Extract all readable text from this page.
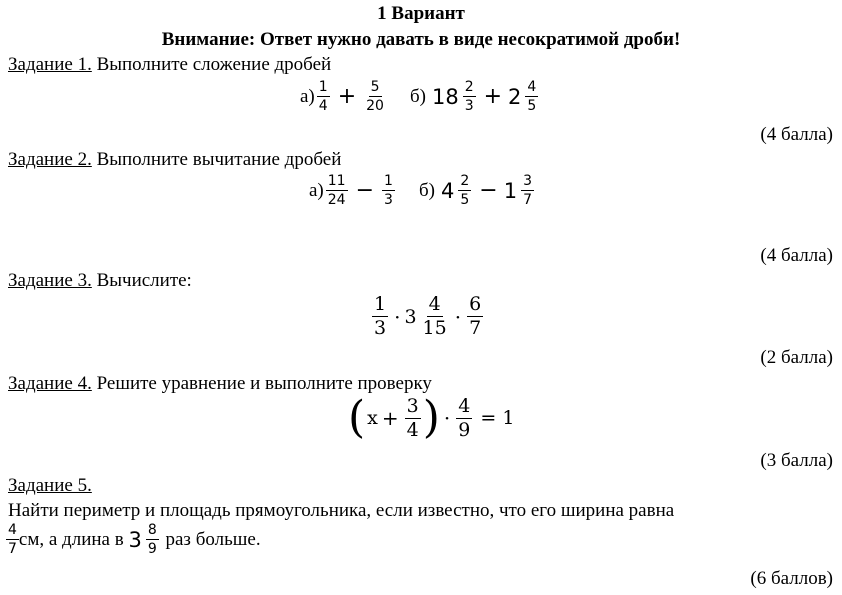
1 Вариант
Внимание: Ответ нужно давать в виде несократимой дроби!
Задание 1. Выполните сложение дробей
$а) \frac{1}{4} + \frac{5}{20} б$) $18 \frac{2}{3} + 2 \frac{4}{5}$
(4 балла)
Задание 2. Выполните вычитание дробей
$а) \frac{11}{24} - \frac{1}{3} б$) $4 \frac{2}{5} - 1 \frac{3}{7}$
(4 балла)
Задание 3. Вычислите:
$\frac{1}{3} \cdot 3 \frac{4}{15} \cdot \frac{6}{7}$
(2 балла)
Задание 4. Решите уравнение и выполните проверку
( $x + \frac{3}{4}$ ) · $\frac{4}{9} = 1$
(3 балла)
Задание 5.
Найти периметр и площадь прямоугольника, если известно, что его ширина равна
$\frac{4}{7}$ см, а длина в $3 \frac{8}{9}$ раз больше.
(6 баллов)
